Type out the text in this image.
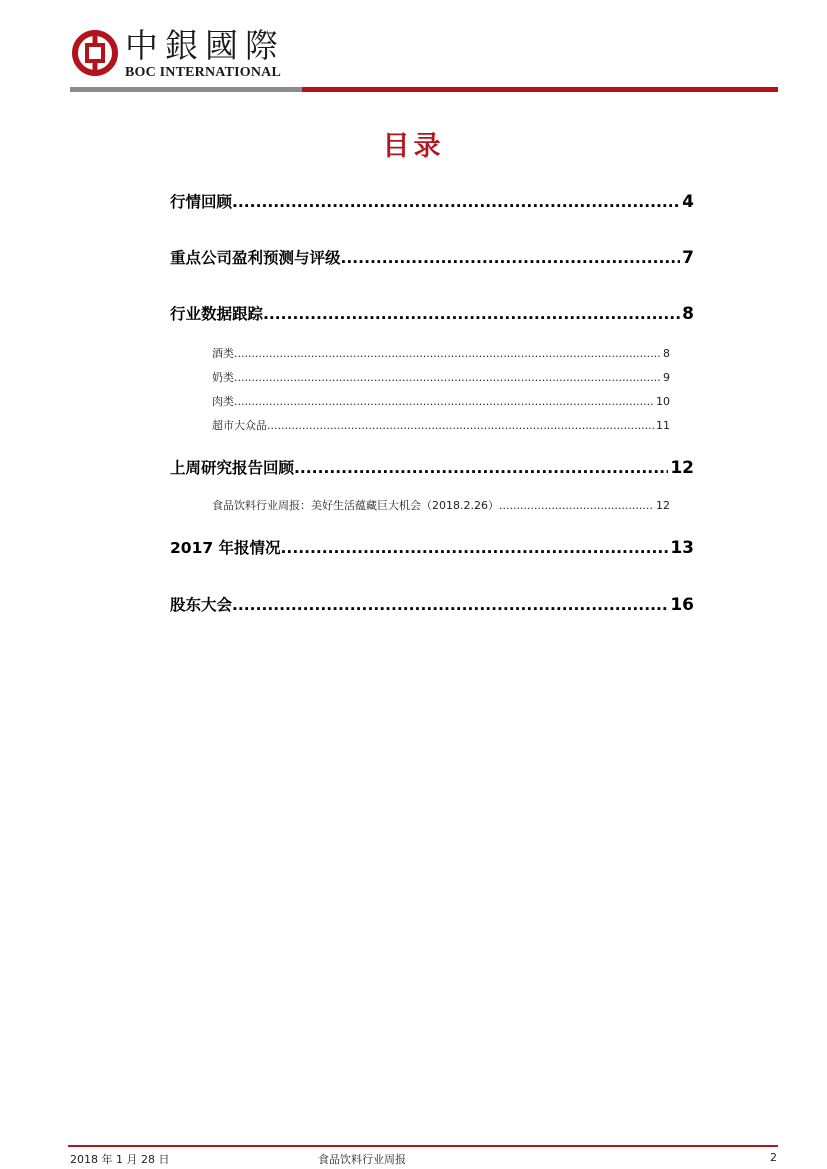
中銀國際
BOC INTERNATIONAL
目录
行情回顾 .....	4
重点公司盈利预测与评级 .....	7
行业数据跟踪 .....	8
酒类 .....	8
奶类 .....	9
肉类 .....	10
超市大众品 .....	11
上周研究报告回顾 .....	12
食品饮料行业周报：美好生活蕴藏巨大机会（2018.2.26） .....	12
2017 年报情况 .....	13
股东大会 .....	16
2018 年 1 月 28 日	食品饮料行业周报	2
